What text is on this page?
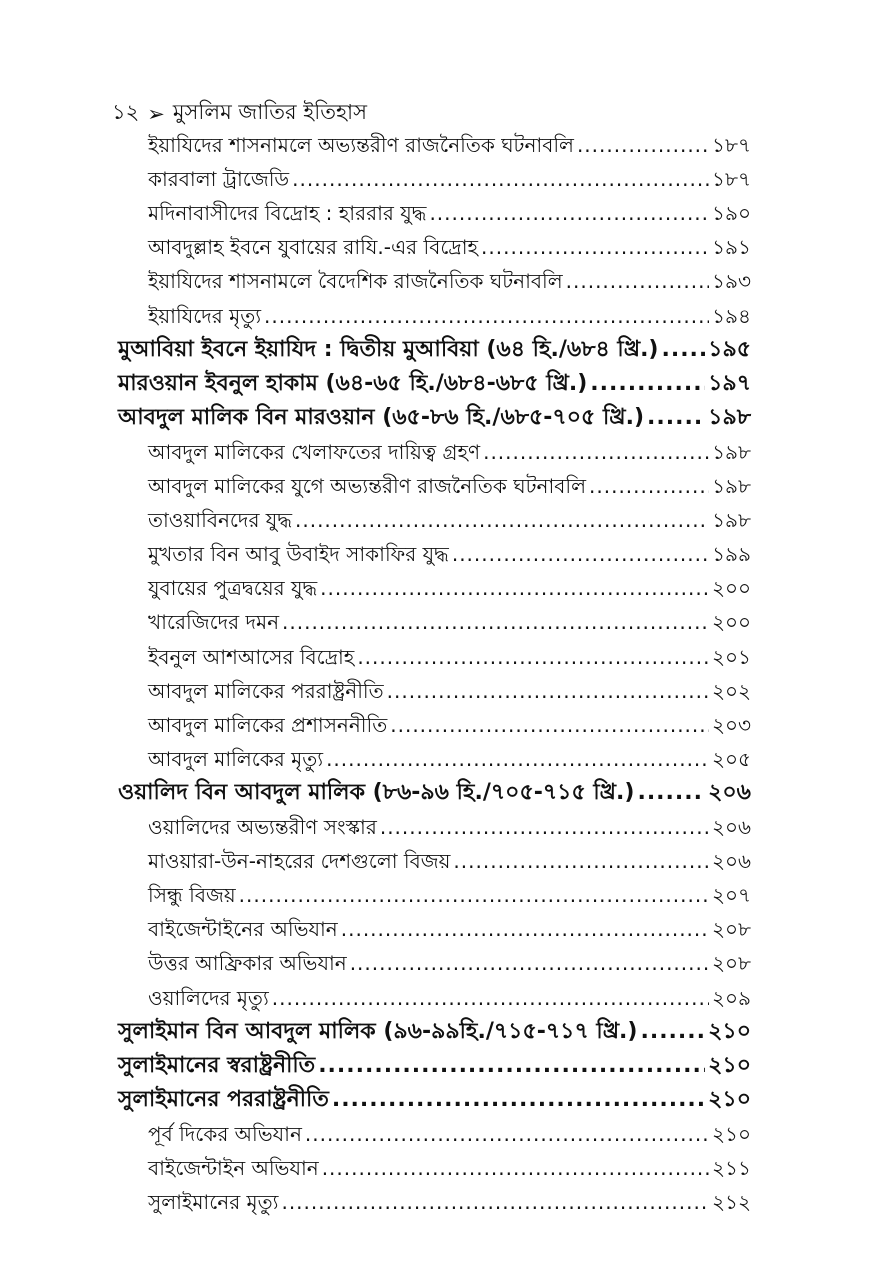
১২ ➢ মুসলিম জাতির ইতিহাস
ইয়াযিদের শাসনামলে অভ্যন্তরীণ রাজনৈতিক ঘটনাবলি .....	১৮৭
কারবালা ট্রাজেডি .....	১৮৭
মদিনাবাসীদের বিদ্রোহ : হাররার যুদ্ধ .....	১৯০
আবদুল্লাহ ইবনে যুবায়ের রাযি.-এর বিদ্রোহ .....	১৯১
ইয়াযিদের শাসনামলে বৈদেশিক রাজনৈতিক ঘটনাবলি .....	১৯৩
ইয়াযিদের মৃত্যু .....	১৯৪
মুআবিয়া ইবনে ইয়াযিদ : দ্বিতীয় মুআবিয়া (৬৪ হি./৬৮৪ খ্রি.) ..... ১৯৫
মারওয়ান ইবনুল হাকাম (৬৪-৬৫ হি./৬৮৪-৬৮৫ খ্রি.) .....	১৯৭
আবদুল মালিক বিন মারওয়ান (৬৫-৮৬ হি./৬৮৫-৭০৫ খ্রি.) .....	১৯৮
আবদুল মালিকের খেলাফতের দায়িত্ব গ্রহণ .....	১৯৮
আবদুল মালিকের যুগে অভ্যন্তরীণ রাজনৈতিক ঘটনাবলি .....	১৯৮
তাওয়াবিনদের যুদ্ধ .....	১৯৮
মুখতার বিন আবু উবাইদ সাকাফির যুদ্ধ .....	১৯৯
যুবায়ের পুত্রদ্বয়ের যুদ্ধ .....	২০০
খারেজিদের দমন .....	২০০
ইবনুল আশআসের বিদ্রোহ .....	২০১
আবদুল মালিকের পররাষ্ট্রনীতি .....	২০২
আবদুল মালিকের প্রশাসননীতি .....	২০৩
আবদুল মালিকের মৃত্যু .....	২০৫
ওয়ালিদ বিন আবদুল মালিক (৮৬-৯৬ হি./৭০৫-৭১৫ খ্রি.) .....	২০৬
ওয়ালিদের অভ্যন্তরীণ সংস্কার .....	২০৬
মাওয়ারা-উন-নাহরের দেশগুলো বিজয় .....	২০৬
সিন্ধু বিজয় .....	২০৭
বাইজেন্টাইনের অভিযান .....	২০৮
উত্তর আফ্রিকার অভিযান .....	২০৮
ওয়ালিদের মৃত্যু .....	২০৯
সুলাইমান বিন আবদুল মালিক (৯৬-৯৯হি./৭১৫-৭১৭ খ্রি.) .....	২১০
সুলাইমানের স্বরাষ্ট্রনীতি .....	২১০
সুলাইমানের পররাষ্ট্রনীতি .....	২১০
পূর্ব দিকের অভিযান .....	২১০
বাইজেন্টাইন অভিযান .....	২১১
সুলাইমানের মৃত্যু .....	২১২
